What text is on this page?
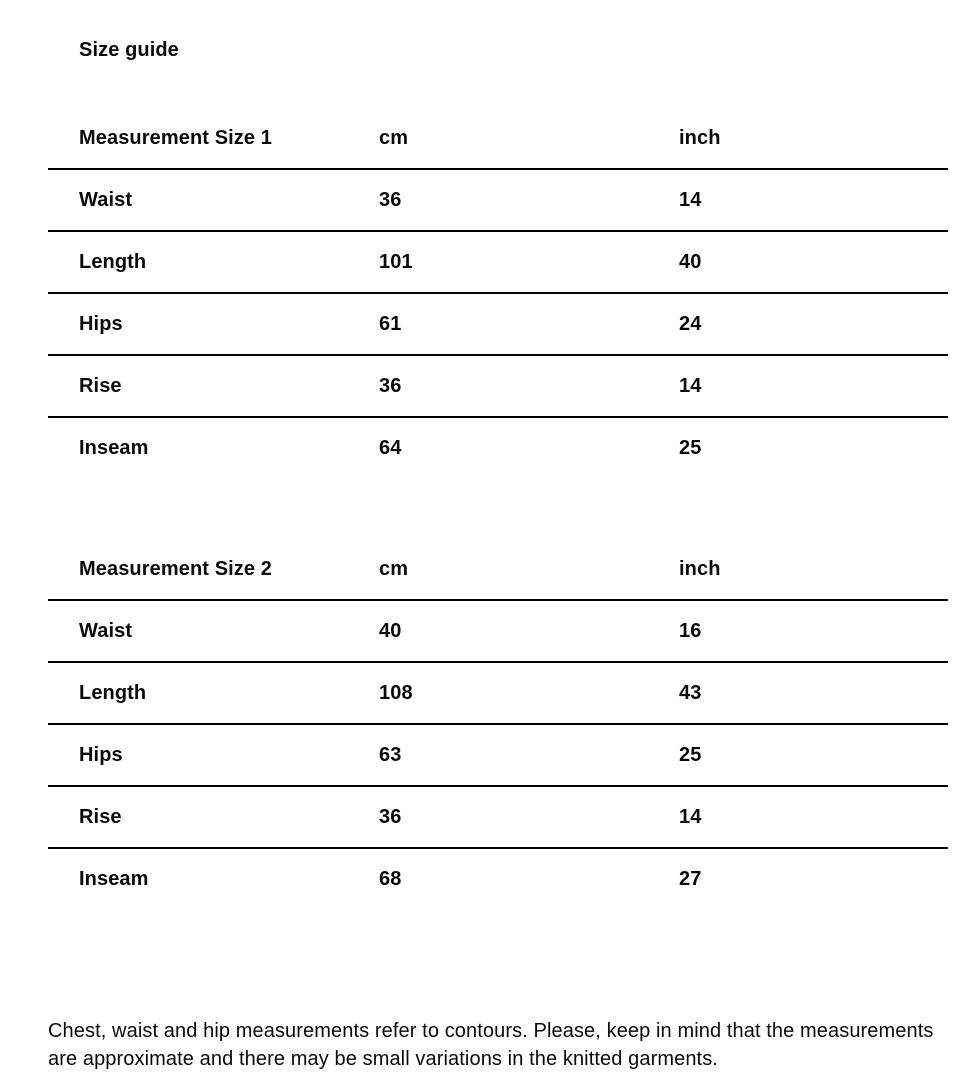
Size guide
Measurement Size 1	cm	inch
Waist	36	14
Length	101	40
Hips	61	24
Rise	36	14
Inseam	64	25
Measurement Size 2	cm	inch
Waist	40	16
Length	108	43
Hips	63	25
Rise	36	14
Inseam	68	27

Chest, waist and hip measurements refer to contours. Please, keep in mind that the measurements are approximate and there may be small variations in the knitted garments.
